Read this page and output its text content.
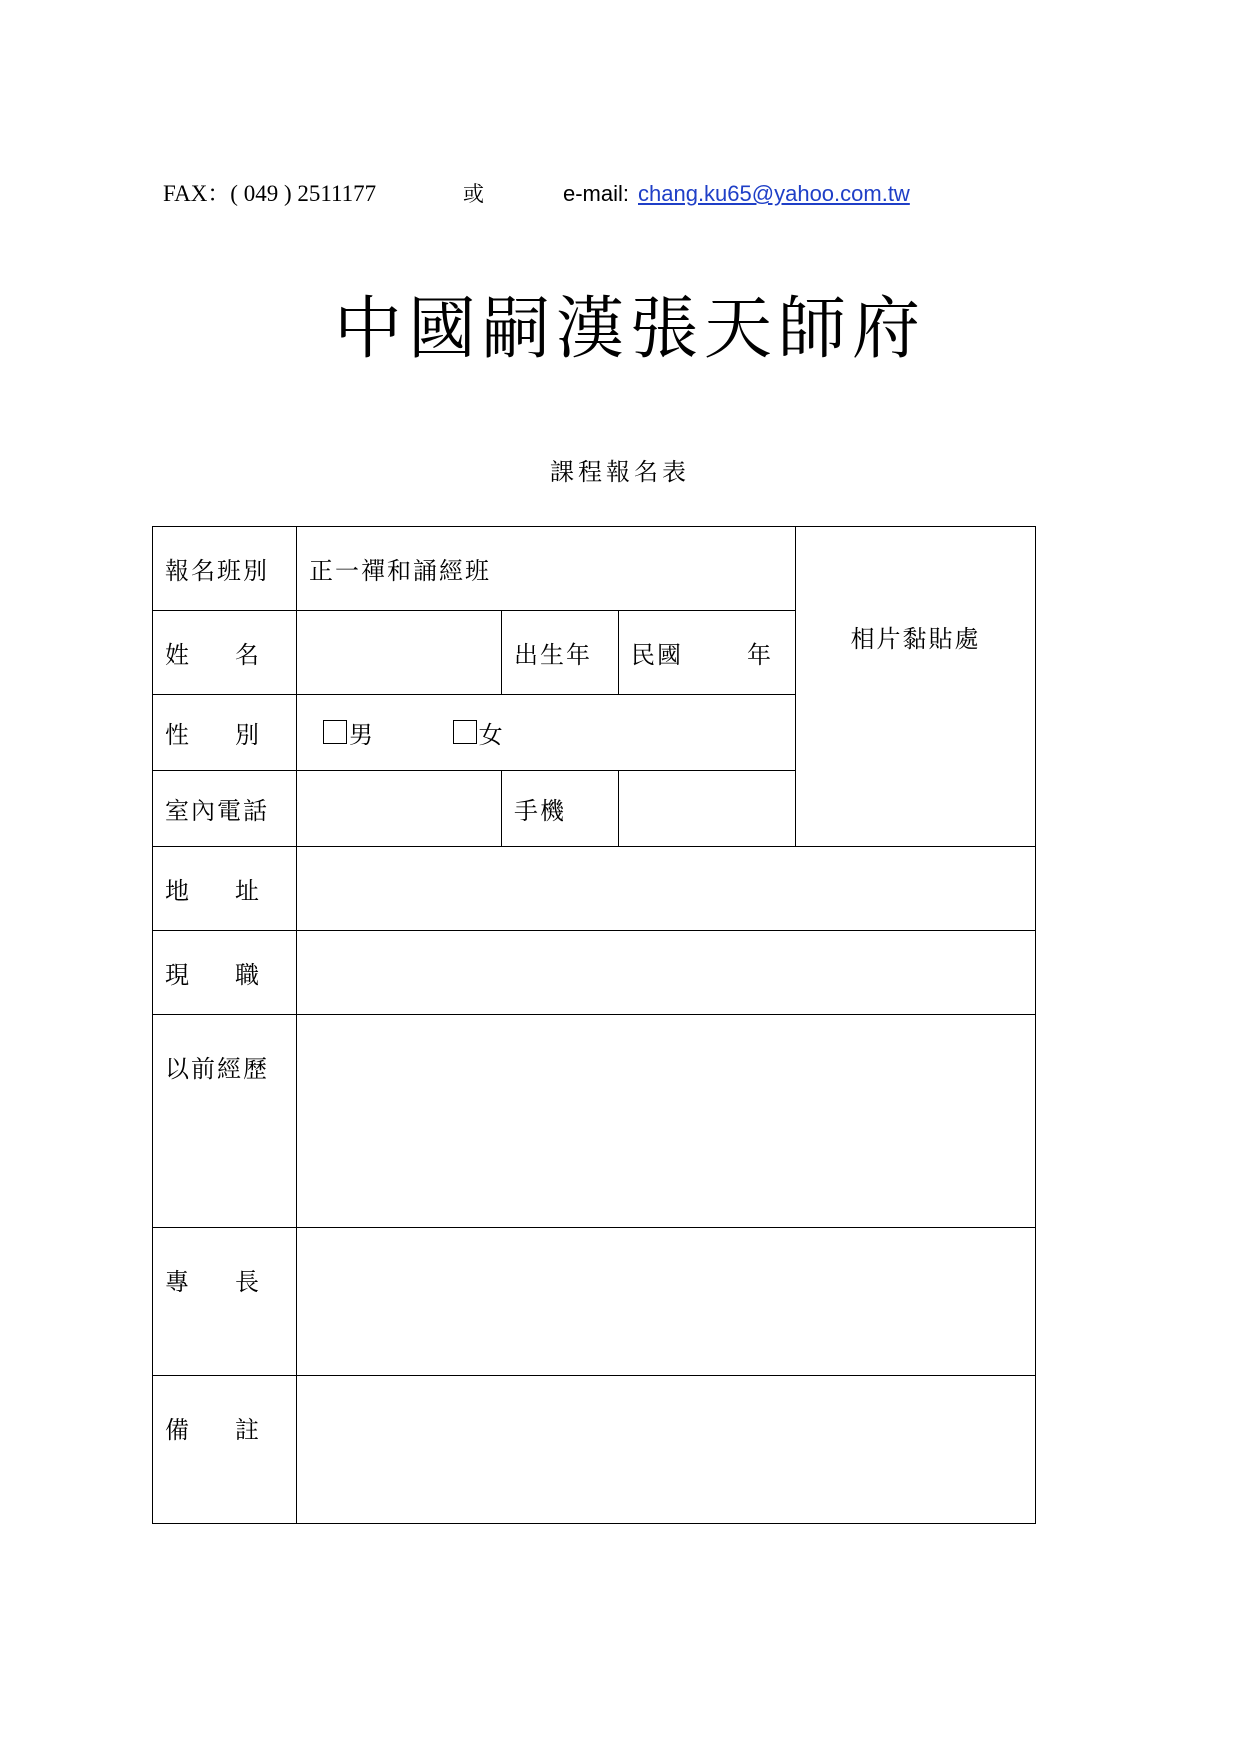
FAX：( 049 ) 2511177	或	e-mail: chang.ku65@yahoo.com.tw
中國嗣漢張天師府
課程報名表
報名班別	正一禪和誦經班			相片黏貼處

姓 名		出生年	民國 年	

性 別	男
女			

室內電話		手機		

地 址				

現 職				

以前經歷				

專 長				

備 註				
